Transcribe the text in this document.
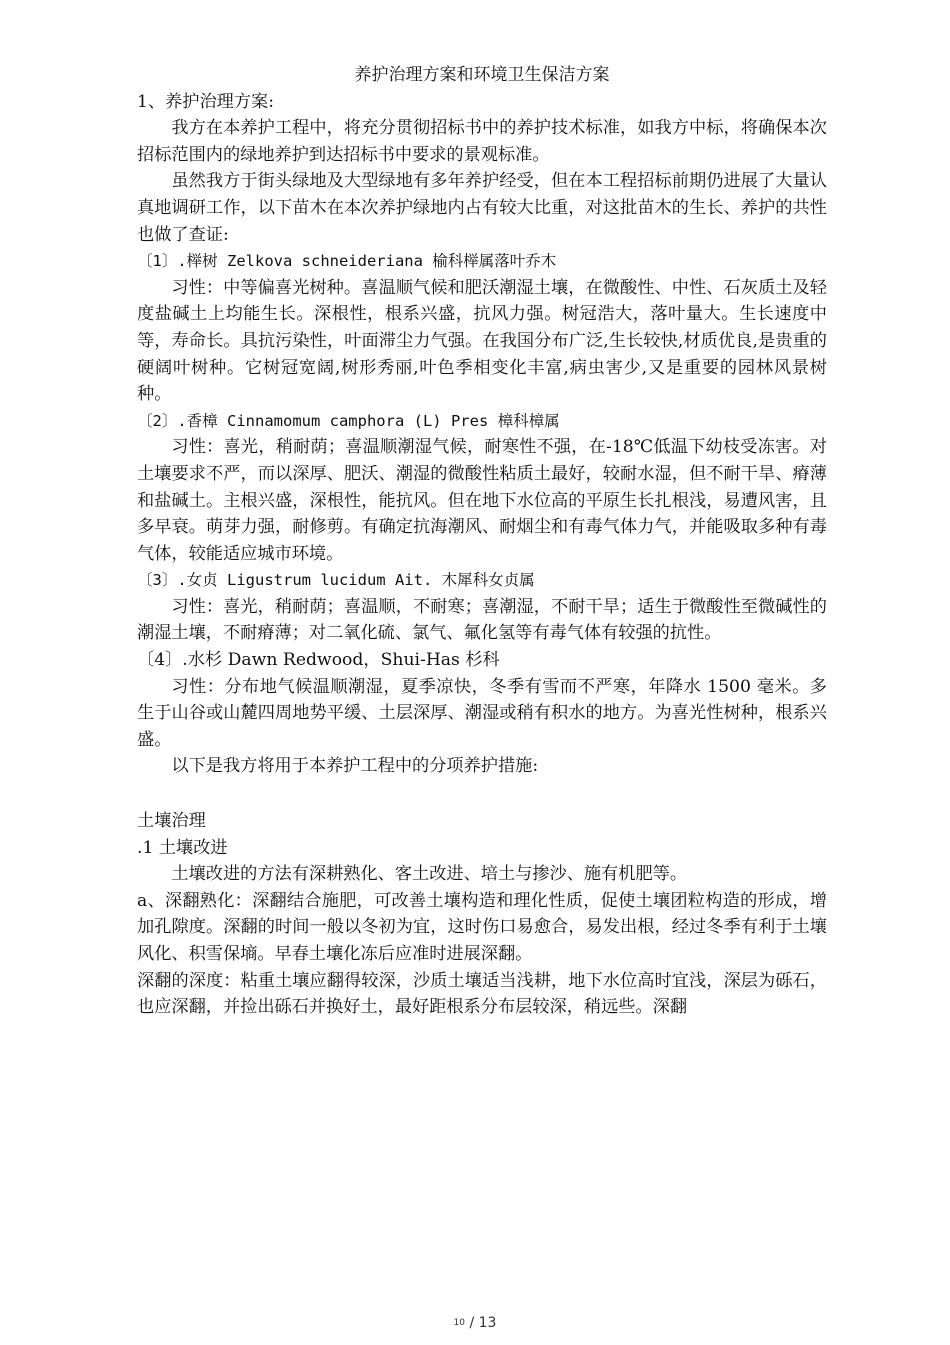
养护治理方案和环境卫生保洁方案

1、养护治理方案:

我方在本养护工程中，将充分贯彻招标书中的养护技术标准，如我方中标，将确保本次招标范围内的绿地养护到达招标书中要求的景观标准。

虽然我方于街头绿地及大型绿地有多年养护经受，但在本工程招标前期仍进展了大量认真地调研工作，以下苗木在本次养护绿地内占有较大比重，对这批苗木的生长、养护的共性也做了查证:

〔1〕.榉树 Zelkova schneideriana 榆科榉属落叶乔木

习性：中等偏喜光树种。喜温顺气候和肥沃潮湿土壤，在微酸性、中性、石灰质土及轻度盐碱土上均能生长。深根性，根系兴盛，抗风力强。树冠浩大，落叶量大。生长速度中等，寿命长。具抗污染性，叶面滞尘力气强。在我国分布广泛,生长较快,材质优良,是贵重的硬阔叶树种。它树冠宽阔,树形秀丽,叶色季相变化丰富,病虫害少,又是重要的园林风景树种。

〔2〕.香樟 Cinnamomum camphora (L) Pres 樟科樟属

习性：喜光，稍耐荫；喜温顺潮湿气候，耐寒性不强，在-18℃低温下幼枝受冻害。对土壤要求不严，而以深厚、肥沃、潮湿的微酸性粘质土最好，较耐水湿，但不耐干旱、瘠薄和盐碱土。主根兴盛，深根性，能抗风。但在地下水位高的平原生长扎根浅，易遭风害，且多早衰。萌芽力强，耐修剪。有确定抗海潮风、耐烟尘和有毒气体力气，并能吸取多种有毒气体，较能适应城市环境。

〔3〕.女贞 Ligustrum lucidum Ait. 木犀科女贞属

习性：喜光，稍耐荫；喜温顺，不耐寒；喜潮湿，不耐干旱；适生于微酸性至微碱性的潮湿土壤，不耐瘠薄；对二氧化硫、氯气、氟化氢等有毒气体有较强的抗性。

〔4〕.水杉 Dawn Redwood，Shui-Has 杉科

习性：分布地气候温顺潮湿，夏季凉快，冬季有雪而不严寒，年降水 1500 毫米。多生于山谷或山麓四周地势平缓、土层深厚、潮湿或稍有积水的地方。为喜光性树种，根系兴盛。

以下是我方将用于本养护工程中的分项养护措施:

土壤治理

.1 土壤改进

土壤改进的方法有深耕熟化、客土改进、培土与掺沙、施有机肥等。

a、深翻熟化：深翻结合施肥，可改善土壤构造和理化性质，促使土壤团粒构造的形成，增加孔隙度。深翻的时间一般以冬初为宜，这时伤口易愈合，易发出根，经过冬季有利于土壤风化、积雪保墒。早春土壤化冻后应准时进展深翻。

深翻的深度：粘重土壤应翻得较深，沙质土壤适当浅耕，地下水位高时宜浅，深层为砾石，也应深翻，并捡出砾石并换好土，最好距根系分布层较深，稍远些。深翻

10 / 13
